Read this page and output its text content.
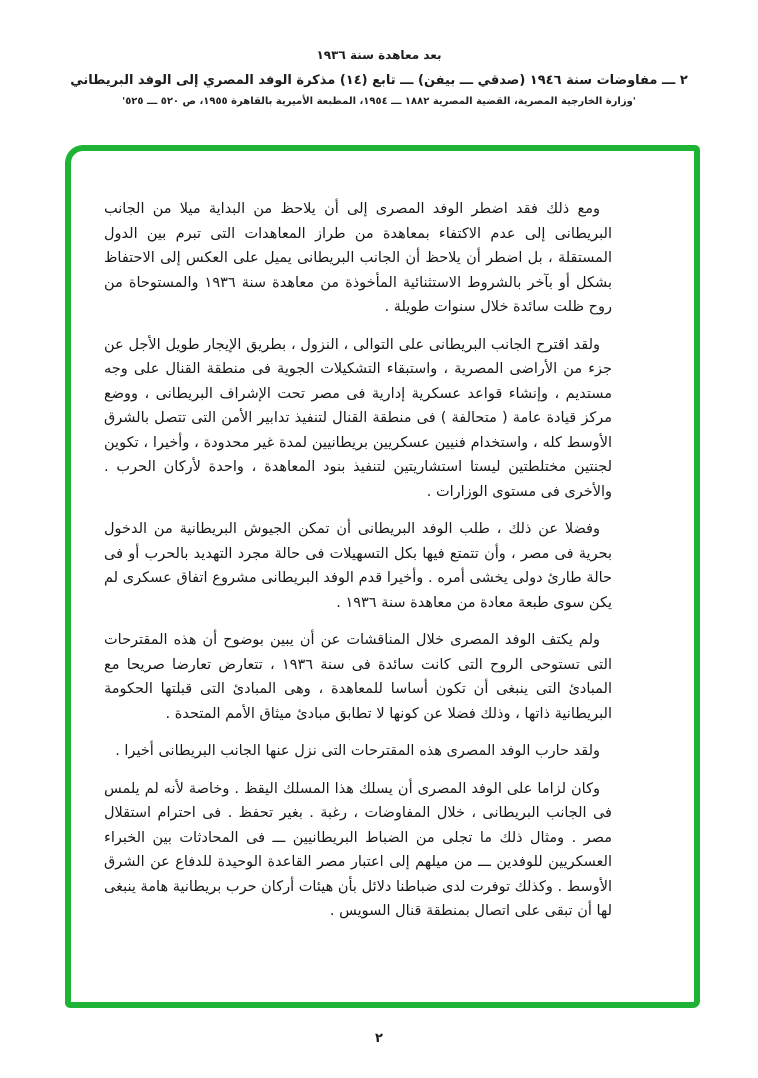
بعد معاهدة سنة ١٩٣٦

٢ ـــ مفاوضات سنة ١٩٤٦ (صدقي ـــ بيفن) ـــ تابع (١٤) مذكرة الوفد المصري إلى الوفد البريطاني

'وزارة الخارجية المصرية، القضية المصرية ١٨٨٢ ـــ ١٩٥٤، المطبعة الأميرية بالقاهرة ١٩٥٥، ص ٥٢٠ ـــ ٥٢٥'

ومع ذلك فقد اضطر الوفد المصرى إلى أن يلاحظ من البداية ميلا من الجانب البريطانى إلى عدم الاكتفاء بمعاهدة من طراز المعاهدات التى تبرم بين الدول المستقلة ، بل اضطر أن يلاحظ أن الجانب البريطانى يميل على العكس إلى الاحتفاظ بشكل أو بآخر بالشروط الاستثنائية المأخوذة من معاهدة سنة ١٩٣٦ والمستوحاة من روح ظلت سائدة خلال سنوات طويلة .

ولقد اقترح الجانب البريطانى على التوالى ، النزول ، بطريق الإيجار طويل الأجل عن جزء من الأراضى المصرية ، واستبقاء التشكيلات الجوية فى منطقة القنال على وجه مستديم ، وإنشاء قواعد عسكرية إدارية فى مصر تحت الإشراف البريطانى ، ووضع مركز قيادة عامة ( متحالفة ) فى منطقة القنال لتنفيذ تدابير الأمن التى تتصل بالشرق الأوسط كله ، واستخدام فنيين عسكريين بريطانيين لمدة غير محدودة ، وأخيرا ، تكوين لجنتين مختلطتين ليستا استشاريتين لتنفيذ بنود المعاهدة ، واحدة لأركان الحرب . والأخرى فى مستوى الوزارات .

وفضلا عن ذلك ، طلب الوفد البريطانى أن تمكن الجيوش البريطانية من الدخول بحرية فى مصر ، وأن تتمتع فيها بكل التسهيلات فى حالة مجرد التهديد بالحرب أو فى حالة طارئ دولى يخشى أمره . وأخيرا قدم الوفد البريطانى مشروع اتفاق عسكرى لم يكن سوى طبعة معادة من معاهدة سنة ١٩٣٦ .

ولم يكتف الوفد المصرى خلال المناقشات عن أن يبين بوضوح أن هذه المقترحات التى تستوحى الروح التى كانت سائدة فى سنة ١٩٣٦ ، تتعارض تعارضا صريحا مع المبادئ التى ينبغى أن تكون أساسا للمعاهدة ، وهى المبادئ التى قبلتها الحكومة البريطانية ذاتها ، وذلك فضلا عن كونها لا تطابق مبادئ ميثاق الأمم المتحدة .

ولقد حارب الوفد المصرى هذه المقترحات التى نزل عنها الجانب البريطانى أخيرا .

وكان لزاما على الوفد المصرى أن يسلك هذا المسلك اليقظ . وخاصة لأنه لم يلمس فى الجانب البريطانى ، خلال المفاوضات ، رغبة . بغير تحفظ . فى احترام استقلال مصر . ومثال ذلك ما تجلى من الضباط البريطانيين ـــ فى المحادثات بين الخبراء العسكريين للوفدين ـــ من ميلهم إلى اعتبار مصر القاعدة الوحيدة للدفاع عن الشرق الأوسط . وكذلك توفرت لدى ضباطنا دلائل بأن هيئات أركان حرب بريطانية هامة ينبغى لها أن تبقى على اتصال بمنطقة قنال السويس .

٢
